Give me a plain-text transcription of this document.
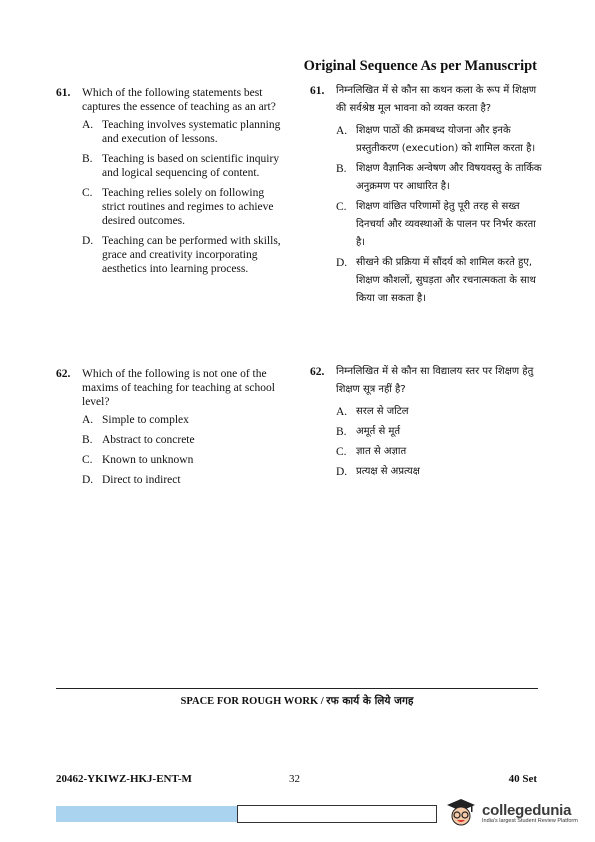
Original Sequence As per Manuscript
61.	Which of the following statements best captures the essence of teaching as an art?
A. Teaching involves systematic planning and execution of lessons.
B. Teaching is based on scientific inquiry and logical sequencing of content.
C. Teaching relies solely on following strict routines and regimes to achieve desired outcomes.
D. Teaching can be performed with skills, grace and creativity incorporating aesthetics into learning process.
62.	Which of the following is not one of the maxims of teaching for teaching at school level?
A. Simple to complex
B. Abstract to concrete
C. Known to unknown
D. Direct to indirect
61.	निम्नलिखित में से कौन सा कथन कला के रूप में शिक्षण की सर्वश्रेष्ठ मूल भावना को व्यक्त करता है?
A. शिक्षण पाठों की क्रमबध्द योजना और इनके प्रस्तुतीकरण (execution) को शामिल करता है।
B. शिक्षण वैज्ञानिक अन्वेषण और विषयवस्तु के तार्किक अनुक्रमण पर आधारित है।
C. शिक्षण वांछित परिणामों हेतु पूरी तरह से सख्त दिनचर्या और व्यवस्थाओं के पालन पर निर्भर करता है।
D. सीखने की प्रक्रिया में सौंदर्य को शामिल करते हुए, शिक्षण कौशलों, सुघड़ता और रचनात्मकता के साथ किया जा सकता है।
62.	निम्नलिखित में से कौन सा विद्यालय स्तर पर शिक्षण हेतु शिक्षण सूत्र नहीं है?
A. सरल से जटिल
B. अमूर्त से मूर्त
C. ज्ञात से अज्ञात
D. प्रत्यक्ष से अप्रत्यक्ष
SPACE FOR ROUGH WORK / रफ कार्य के लिये जगह
20462-YKIWZ-HKJ-ENT-M	32	40 Set
collegedunia
India's largest Student Review Platform
